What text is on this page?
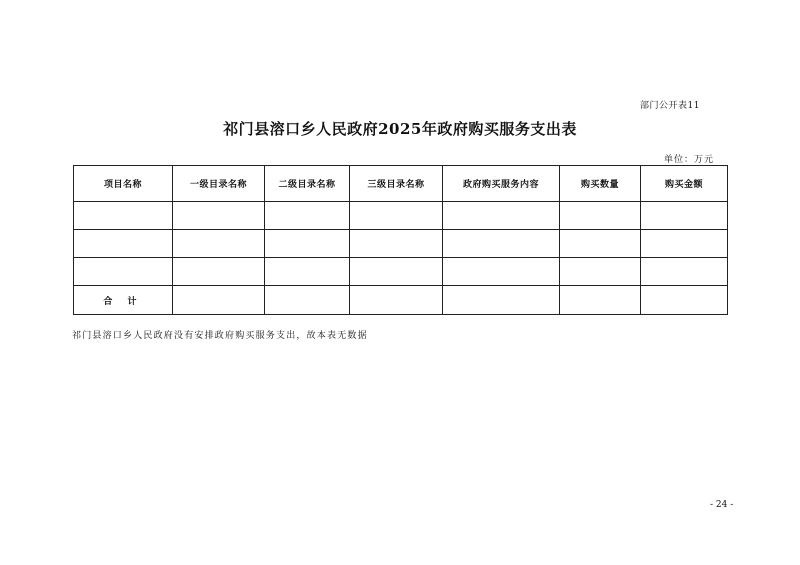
部门公开表11
祁门县溶口乡人民政府2025年政府购买服务支出表
单位：万元
项目名称	一级目录名称	二级目录名称	三级目录名称	政府购买服务内容	购买数量	购买金额

合 计						
祁门县溶口乡人民政府没有安排政府购买服务支出，故本表无数据
- 24 -
